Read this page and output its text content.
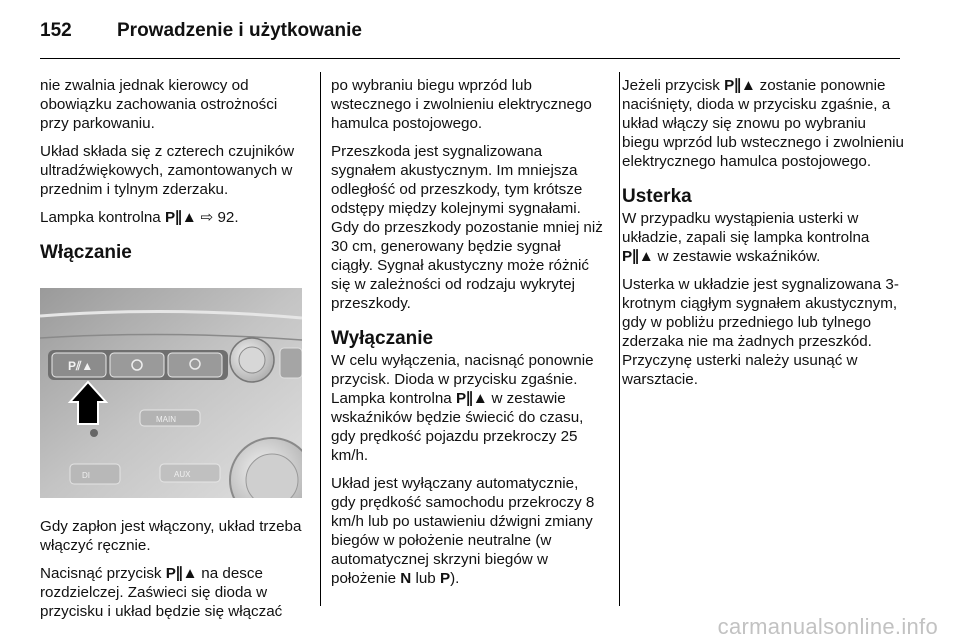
152 Prowadzenie i użytkowanie

nie zwalnia jednak kierowcy od obowiązku zachowania ostrożności przy parkowaniu.

Układ składa się z czterech czujników ultradźwiękowych, zamontowanych w przednim i tylnym zderzaku.

Lampka kontrolna P∥▲ ⇨ 92.

Włączanie
P⫽▲
MAIN
DI	AUX

Gdy zapłon jest włączony, układ trzeba włączyć ręcznie.

Nacisnąć przycisk P∥▲ na desce rozdzielczej. Zaświeci się dioda w przycisku i układ będzie się włączać

po wybraniu biegu wprzód lub wstecznego i zwolnieniu elektrycznego hamulca postojowego.

Przeszkoda jest sygnalizowana sygnałem akustycznym. Im mniejsza odległość od przeszkody, tym krótsze odstępy między kolejnymi sygnałami. Gdy do przeszkody pozostanie mniej niż 30 cm, generowany będzie sygnał ciągły. Sygnał akustyczny może różnić się w zależności od rodzaju wykrytej przeszkody.

Wyłączanie

W celu wyłączenia, nacisnąć ponownie przycisk. Dioda w przycisku zgaśnie. Lampka kontrolna P∥▲ w zestawie wskaźników będzie świecić do czasu, gdy prędkość pojazdu przekroczy 25 km/h.

Układ jest wyłączany automatycznie, gdy prędkość samochodu przekroczy 8 km/h lub po ustawieniu dźwigni zmiany biegów w położenie neutralne (w automatycznej skrzyni biegów w położenie N lub P).

Jeżeli przycisk P∥▲ zostanie ponownie naciśnięty, dioda w przycisku zgaśnie, a układ włączy się znowu po wybraniu biegu wprzód lub wstecznego i zwolnieniu elektrycznego hamulca postojowego.

Usterka

W przypadku wystąpienia usterki w układzie, zapali się lampka kontrolna P∥▲ w zestawie wskaźników.

Usterka w układzie jest sygnalizowana 3-krotnym ciągłym sygnałem akustycznym, gdy w pobliżu przedniego lub tylnego zderzaka nie ma żadnych przeszkód. Przyczynę usterki należy usunąć w warsztacie.

carmanualsonline.info
